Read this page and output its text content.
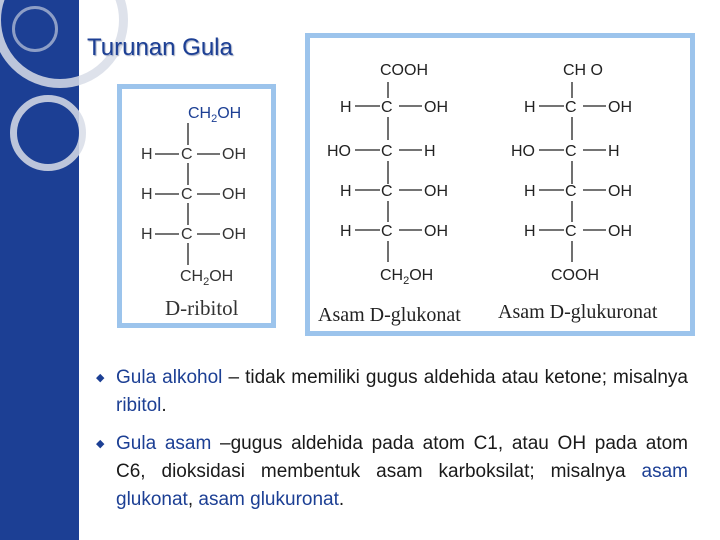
Turunan Gula
$CH_2OH$
H C OH
H C OH
H C OH
$CH_2OH$
D-ribitol
COOH
H C OH
HO C H
H C OH
H C OH
$CH_2OH$
Asam D-glukonat
CH O
H C OH
HO C H
H C OH
H C OH
COOH
Asam D-glukuronat
◆ Gula alkohol – tidak memiliki gugus aldehida atau ketone; misalnya ribitol.
◆ Gula asam –gugus aldehida pada atom C1, atau OH pada atom C6, dioksidasi membentuk asam karboksilat; misalnya asam glukonat, asam glukuronat.
